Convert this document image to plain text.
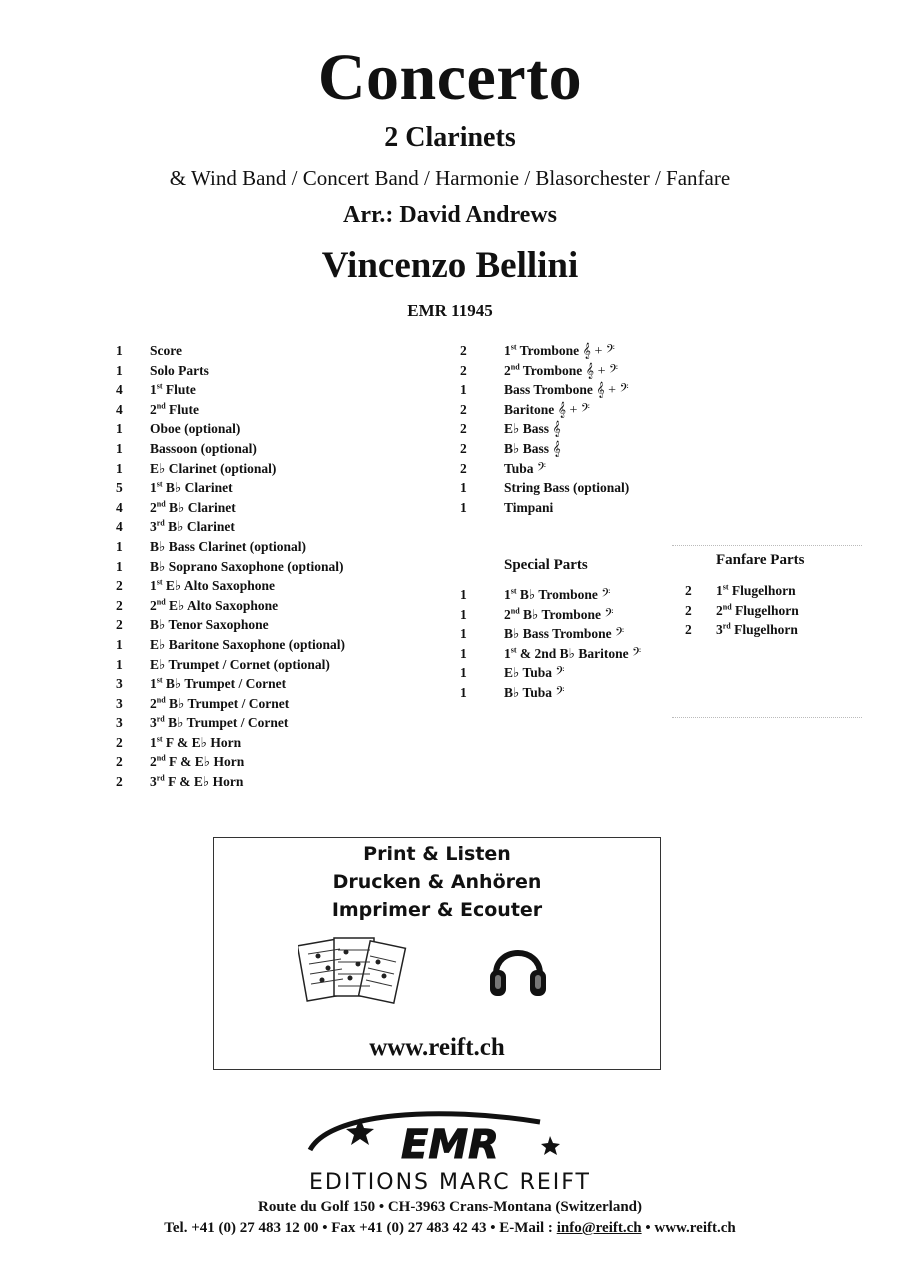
Concerto
2 Clarinets
& Wind Band / Concert Band / Harmonie / Blasorchester / Fanfare
Arr.: David Andrews
Vincenzo Bellini
EMR 11945
1 Score
1 Solo Parts
4 1st Flute
4 2nd Flute
1 Oboe (optional)
1 Bassoon (optional)
1 E♭ Clarinet (optional)
5 1st B♭ Clarinet
4 2nd B♭ Clarinet
4 3rd B♭ Clarinet
1 B♭ Bass Clarinet (optional)
1 B♭ Soprano Saxophone (optional)
2 1st E♭ Alto Saxophone
2 2nd E♭ Alto Saxophone
2 B♭ Tenor Saxophone
1 E♭ Baritone Saxophone (optional)
1 E♭ Trumpet / Cornet (optional)
3 1st B♭ Trumpet / Cornet
3 2nd B♭ Trumpet / Cornet
3 3rd B♭ Trumpet / Cornet
2 1st F & E♭ Horn
2 2nd F & E♭ Horn
2 3rd F & E♭ Horn
2	1st Trombone 𝄞 + 𝄢
2	2nd Trombone 𝄞 + 𝄢
1	Bass Trombone 𝄞 + 𝄢
2	Baritone 𝄞 + 𝄢
2	E♭ Bass 𝄞
2	B♭ Bass 𝄞
2	Tuba 𝄢
1	String Bass (optional)
1	Timpani
Special Parts
1	1st B♭ Trombone 𝄢
1	2nd B♭ Trombone 𝄢
1	B♭ Bass Trombone 𝄢
1	1st & 2nd B♭ Baritone 𝄢
1	E♭ Tuba 𝄢
1	B♭ Tuba 𝄢
Fanfare Parts
2 1st Flugelhorn
2 2nd Flugelhorn
2 3rd Flugelhorn
Print & Listen
Drucken & Anhören
Imprimer & Ecouter
www.reift.ch
EMR
EDITIONS MARC REIFT
Route du Golf 150 • CH-3963 Crans-Montana (Switzerland)
Tel. +41 (0) 27 483 12 00 • Fax +41 (0) 27 483 42 43 • E-Mail : info@reift.ch • www.reift.ch
